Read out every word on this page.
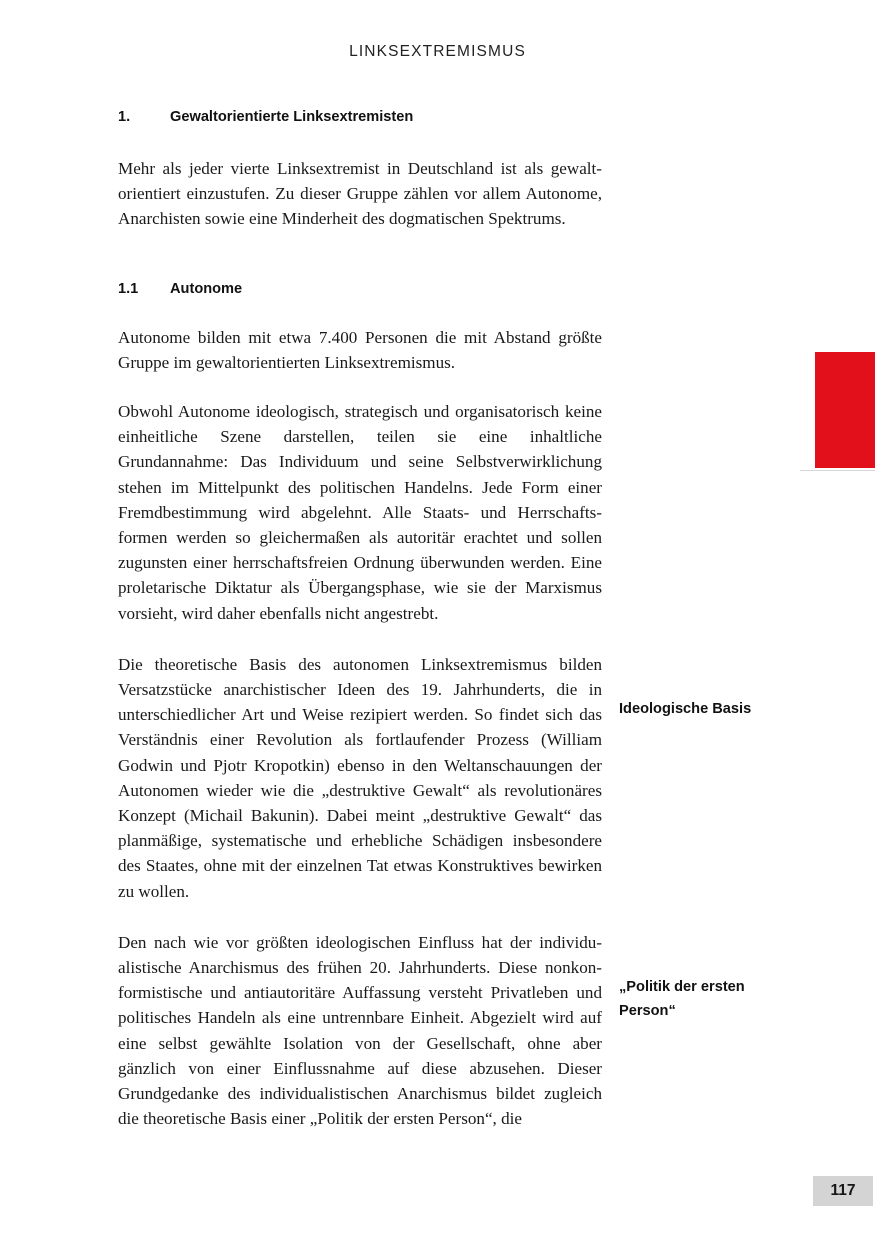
LINKSEXTREMISMUS
1.	Gewaltorientierte Linksextremisten

Mehr als jeder vierte Linksextremist in Deutschland ist als gewaltorientiert einzustufen. Zu dieser Gruppe zählen vor allem Autonome, Anarchisten sowie eine Minderheit des dogmatischen Spektrums.

1.1	Autonome

Autonome bilden mit etwa 7.400 Personen die mit Abstand größte Gruppe im gewaltorientierten Linksextremismus.

Obwohl Autonome ideologisch, strategisch und organisatorisch keine einheitliche Szene darstellen, teilen sie eine inhaltliche Grundannahme: Das Individuum und seine Selbstverwirklichung stehen im Mittelpunkt des politischen Handelns. Jede Form einer Fremdbestimmung wird abgelehnt. Alle Staats- und Herrschaftsformen werden so gleichermaßen als autoritär erachtet und sollen zugunsten einer herrschaftsfreien Ordnung überwunden werden. Eine proletarische Diktatur als Übergangsphase, wie sie der Marxismus vorsieht, wird daher ebenfalls nicht angestrebt.

Die theoretische Basis des autonomen Linksextremismus bilden Versatzstücke anarchistischer Ideen des 19. Jahrhunderts, die in unterschiedlicher Art und Weise rezipiert werden. So findet sich das Verständnis einer Revolution als fortlaufender Prozess (William Godwin und Pjotr Kropotkin) ebenso in den Weltanschauungen der Autonomen wieder wie die „destruktive Gewalt“ als revolutionäres Konzept (Michail Bakunin). Dabei meint „destruktive Gewalt“ das planmäßige, systematische und erhebliche Schädigen insbesondere des Staates, ohne mit der einzelnen Tat etwas Konstruktives bewirken zu wollen.

Den nach wie vor größten ideologischen Einfluss hat der individualistische Anarchismus des frühen 20. Jahrhunderts. Diese nonkonformistische und antiautoritäre Auffassung versteht Privatleben und politisches Handeln als eine untrennbare Einheit. Abgezielt wird auf eine selbst gewählte Isolation von der Gesellschaft, ohne aber gänzlich von einer Einflussnahme auf diese abzusehen. Dieser Grundgedanke des individualistischen Anarchismus bildet zugleich die theoretische Basis einer „Politik der ersten Person“, die

Ideologische Basis
„Politik der ersten Person“
117
